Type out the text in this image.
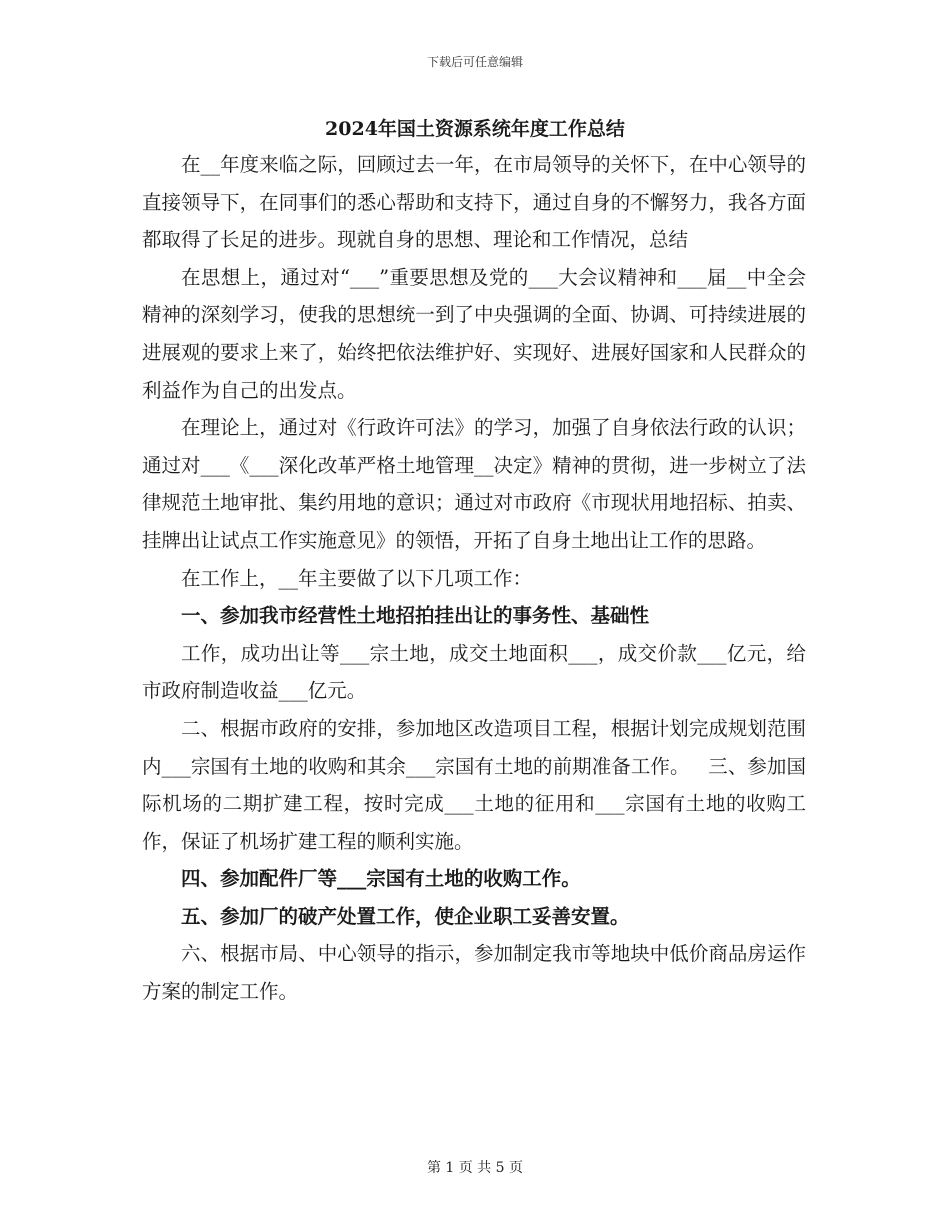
下载后可任意编辑
2024年国土资源系统年度工作总结

在__年度来临之际，回顾过去一年，在市局领导的关怀下，在中心领导的直接领导下，在同事们的悉心帮助和支持下，通过自身的不懈努力，我各方面都取得了长足的进步。现就自身的思想、理论和工作情况，总结

在思想上，通过对“___”重要思想及党的___大会议精神和___届__中全会精神的深刻学习，使我的思想统一到了中央强调的全面、协调、可持续进展的进展观的要求上来了，始终把依法维护好、实现好、进展好国家和人民群众的利益作为自己的出发点。

在理论上，通过对《行政许可法》的学习，加强了自身依法行政的认识；通过对___《___深化改革严格土地管理__决定》精神的贯彻，进一步树立了法律规范土地审批、集约用地的意识；通过对市政府《市现状用地招标、拍卖、挂牌出让试点工作实施意见》的领悟，开拓了自身土地出让工作的思路。

在工作上，__年主要做了以下几项工作：

一、参加我市经营性土地招拍挂出让的事务性、基础性

工作，成功出让等___宗土地，成交土地面积___，成交价款___亿元，给市政府制造收益___亿元。

二、根据市政府的安排，参加地区改造项目工程，根据计划完成规划范围内___宗国有土地的收购和其余___宗国有土地的前期准备工作。   三、参加国际机场的二期扩建工程，按时完成___土地的征用和___宗国有土地的收购工作，保证了机场扩建工程的顺利实施。

四、参加配件厂等___宗国有土地的收购工作。

五、参加厂的破产处置工作，使企业职工妥善安置。

六、根据市局、中心领导的指示，参加制定我市等地块中低价商品房运作方案的制定工作。

第 1 页 共 5 页
